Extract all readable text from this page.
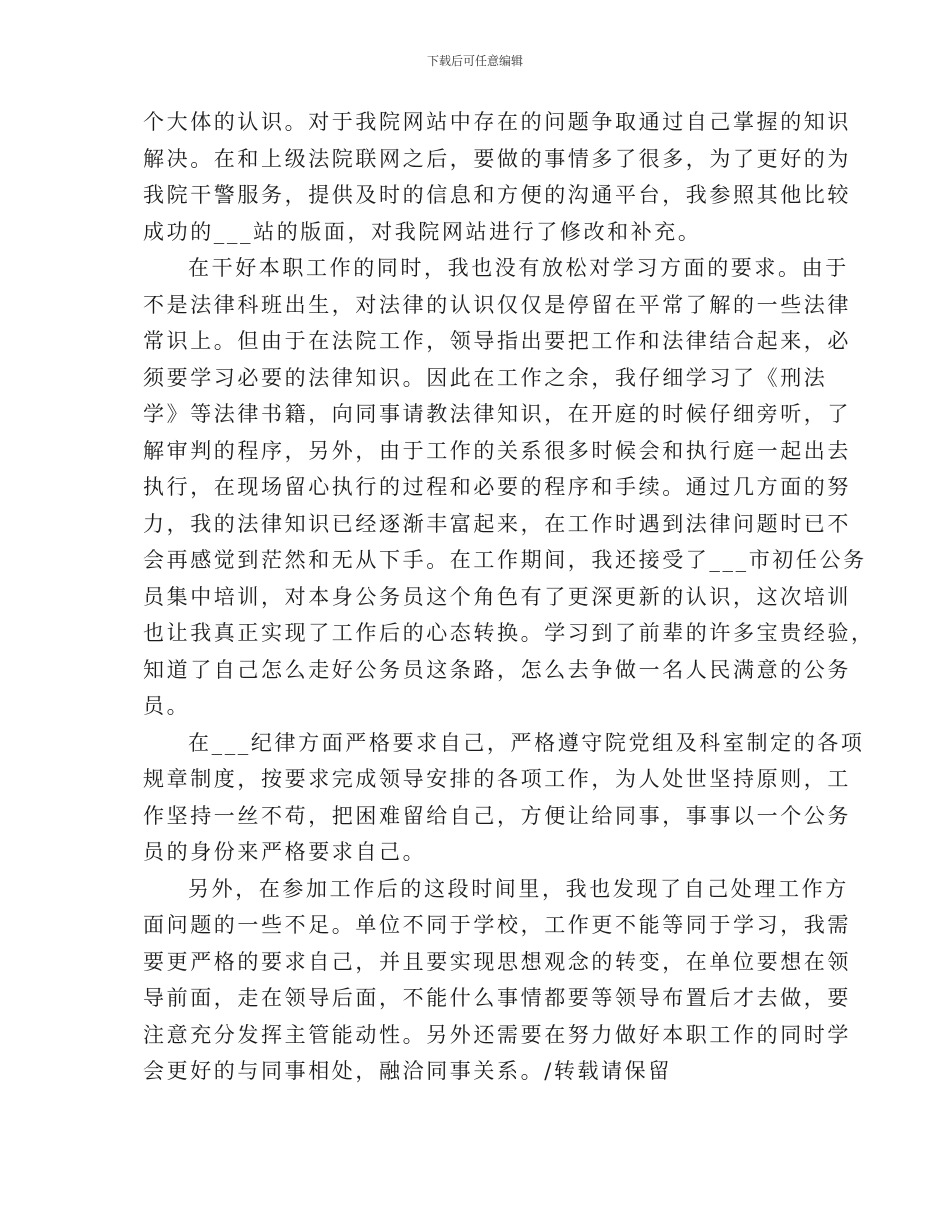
下载后可任意编辑
个大体的认识。对于我院网站中存在的问题争取通过自己掌握的知识
解决。在和上级法院联网之后，要做的事情多了很多，为了更好的为
我院干警服务，提供及时的信息和方便的沟通平台，我参照其他比较
成功的___站的版面，对我院网站进行了修改和补充。
在干好本职工作的同时，我也没有放松对学习方面的要求。由于
不是法律科班出生，对法律的认识仅仅是停留在平常了解的一些法律
常识上。但由于在法院工作，领导指出要把工作和法律结合起来，必
须要学习必要的法律知识。因此在工作之余，我仔细学习了《刑法
学》等法律书籍，向同事请教法律知识，在开庭的时候仔细旁听，了
解审判的程序，另外，由于工作的关系很多时候会和执行庭一起出去
执行，在现场留心执行的过程和必要的程序和手续。通过几方面的努
力，我的法律知识已经逐渐丰富起来，在工作时遇到法律问题时已不
会再感觉到茫然和无从下手。在工作期间，我还接受了___市初任公务
员集中培训，对本身公务员这个角色有了更深更新的认识，这次培训
也让我真正实现了工作后的心态转换。学习到了前辈的许多宝贵经验，
知道了自己怎么走好公务员这条路，怎么去争做一名人民满意的公务
员。
在___纪律方面严格要求自己，严格遵守院党组及科室制定的各项
规章制度，按要求完成领导安排的各项工作，为人处世坚持原则，工
作坚持一丝不苟，把困难留给自己，方便让给同事，事事以一个公务
员的身份来严格要求自己。
另外，在参加工作后的这段时间里，我也发现了自己处理工作方
面问题的一些不足。单位不同于学校，工作更不能等同于学习，我需
要更严格的要求自己，并且要实现思想观念的转变，在单位要想在领
导前面，走在领导后面，不能什么事情都要等领导布置后才去做，要
注意充分发挥主管能动性。另外还需要在努力做好本职工作的同时学
会更好的与同事相处，融洽同事关系。/转载请保留
